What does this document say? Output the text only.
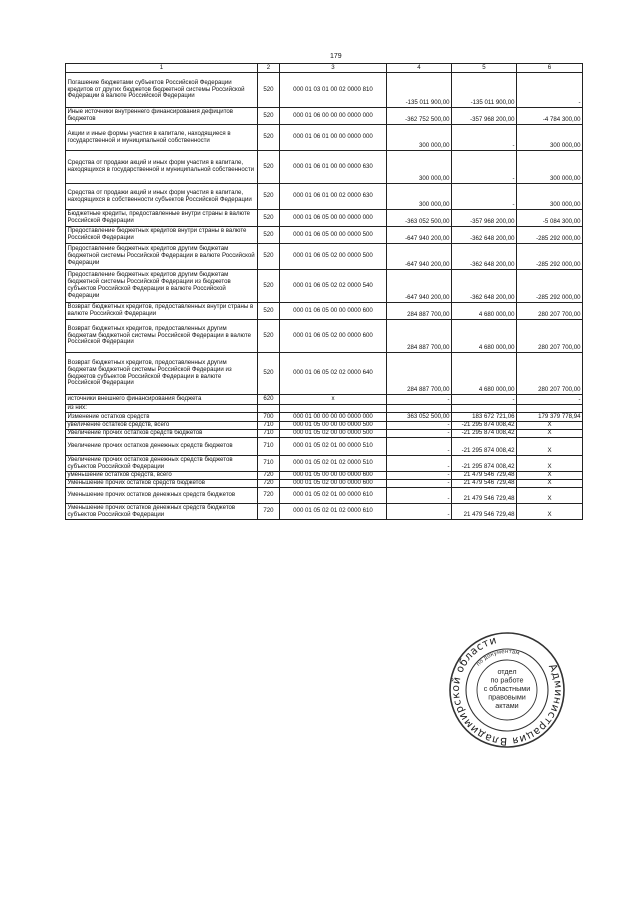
179
1	2	3	4	5	6
Погашение бюджетами субъектов Российской Федерации кредитов от других бюджетов бюджетной системы Российской Федерации в валюте Российской Федерации	520	000 01 03 01 00 02 0000 810	-135 011 900,00	-135 011 900,00	-
Иные источники внутреннего финансирования дефицитов бюджетов	520	000 01 06 00 00 00 0000 000	-362 752 500,00	-357 968 200,00	-4 784 300,00
Акции и иные формы участия в капитале, находящиеся в государственной и муниципальной собственности	520	000 01 06 01 00 00 0000 000	300 000,00	-	300 000,00
Средства от продажи акций и иных форм участия в капитале, находящихся в государственной и муниципальной собственности	520	000 01 06 01 00 00 0000 630	300 000,00	-	300 000,00
Средства от продажи акций и иных форм участия в капитале, находящихся в собственности субъектов Российской Федерации	520	000 01 06 01 00 02 0000 630	300 000,00	-	300 000,00
Бюджетные кредиты, предоставленные внутри страны в валюте Российской Федерации	520	000 01 06 05 00 00 0000 000	-363 052 500,00	-357 968 200,00	-5 084 300,00
Предоставление бюджетных кредитов внутри страны в валюте Российской Федерации	520	000 01 06 05 00 00 0000 500	-647 940 200,00	-362 648 200,00	-285 292 000,00
Предоставление бюджетных кредитов другим бюджетам бюджетной системы Российской Федерации в валюте Российской Федерации	520	000 01 06 05 02 00 0000 500	-647 940 200,00	-362 648 200,00	-285 292 000,00
Предоставление бюджетных кредитов другим бюджетам бюджетной системы Российской Федерации из бюджетов субъектов Российской Федерации в валюте Российской Федерации	520	000 01 06 05 02 02 0000 540	-647 940 200,00	-362 648 200,00	-285 292 000,00
Возврат бюджетных кредитов, предоставленных внутри страны в валюте Российской Федерации	520	000 01 06 05 00 00 0000 600	284 887 700,00	4 680 000,00	280 207 700,00
Возврат бюджетных кредитов, предоставленных другим бюджетам бюджетной системы Российской Федерации в валюте Российской Федерации	520	000 01 06 05 02 00 0000 600	284 887 700,00	4 680 000,00	280 207 700,00
Возврат бюджетных кредитов, предоставленных другим бюджетам бюджетной системы Российской Федерации из бюджетов субъектов Российской Федерации в валюте Российской Федерации	520	000 01 06 05 02 02 0000 640	284 887 700,00	4 680 000,00	280 207 700,00
источники внешнего финансирования бюджета	620	x	-	-	-
из них:					
Изменение остатков средств	700	000 01 00 00 00 00 0000 000	363 052 500,00	183 672 721,06	179 379 778,94
увеличение остатков средств, всего	710	000 01 05 00 00 00 0000 500	-	-21 295 874 008,42	X
Увеличение прочих остатков средств бюджетов	710	000 01 05 02 00 00 0000 500	-	-21 295 874 008,42	X
Увеличение прочих остатков денежных средств бюджетов	710	000 01 05 02 01 00 0000 510	-	-21 295 874 008,42	X
Увеличение прочих остатков денежных средств бюджетов субъектов Российской Федерации	710	000 01 05 02 01 02 0000 510	-	-21 295 874 008,42	X
уменьшение остатков средств, всего	720	000 01 05 00 00 00 0000 600	-	21 479 546 729,48	X
Уменьшение прочих остатков средств бюджетов	720	000 01 05 02 00 00 0000 600	-	21 479 546 729,48	X
Уменьшение прочих остатков денежных средств бюджетов	720	000 01 05 02 01 00 0000 610	-	21 479 546 729,48	X
Уменьшение прочих остатков денежных средств бюджетов субъектов Российской Федерации	720	000 01 05 02 01 02 0000 610	-	21 479 546 729,48	X
Администрация Владимирской области
по документам
отдел
по работе
с областными
правовыми
актами
